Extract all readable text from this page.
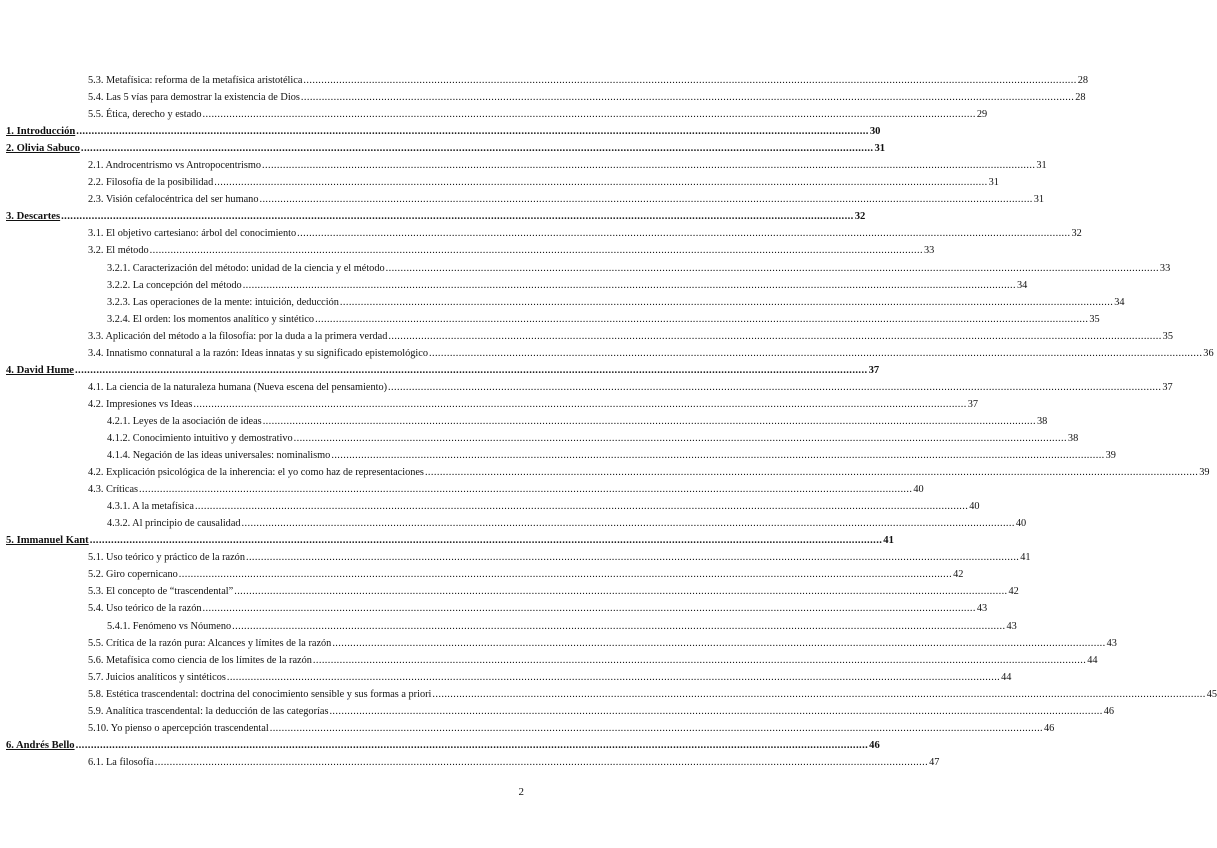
5.3. Metafísica: reforma de la metafísica aristotélica .....	28
5.4. Las 5 vías para demostrar la existencia de Dios .....	28
5.5. Ética, derecho y estado .....	29
1. Introducción .....	30
2. Olivia Sabuco .....	31
2.1. Androcentrismo vs Antropocentrismo .....	31
2.2. Filosofía de la posibilidad .....	31
2.3. Visión cefalocéntrica del ser humano .....	31
3. Descartes .....	32
3.1. El objetivo cartesiano: árbol del conocimiento .....	32
3.2. El método .....	33
3.2.1. Caracterización del método: unidad de la ciencia y el método .....	33
3.2.2. La concepción del método .....	34
3.2.3. Las operaciones de la mente: intuición, deducción .....	34
3.2.4. El orden: los momentos analítico y sintético .....	35
3.3. Aplicación del método a la filosofía: por la duda a la primera verdad .....	35
3.4. Innatismo connatural a la razón: Ideas innatas y su significado epistemológico .....	36
4. David Hume .....	37
4.1. La ciencia de la naturaleza humana (Nueva escena del pensamiento) .....	37
4.2. Impresiones vs Ideas .....	37
4.2.1. Leyes de la asociación de ideas .....	38
4.1.2. Conocimiento intuitivo y demostrativo .....	38
4.1.4. Negación de las ideas universales: nominalismo .....	39
4.2. Explicación psicológica de la inherencia: el yo como haz de representaciones .....	39
4.3. Críticas .....	40
4.3.1. A la metafísica .....	40
4.3.2. Al principio de causalidad .....	40
5. Immanuel Kant .....	41
5.1. Uso teórico y práctico de la razón .....	41
5.2. Giro copernicano .....	42
5.3. El concepto de “trascendental” .....	42
5.4. Uso teórico de la razón .....	43
5.4.1. Fenómeno vs Nóumeno .....	43
5.5. Crítica de la razón pura: Alcances y límites de la razón .....	43
5.6. Metafísica como ciencia de los límites de la razón .....	44
5.7. Juicios analíticos y sintéticos .....	44
5.8. Estética trascendental: doctrina del conocimiento sensible y sus formas a priori .....	45
5.9. Analítica trascendental: la deducción de las categorías .....	46
5.10. Yo pienso o apercepción trascendental .....	46
6. Andrés Bello .....	46
6.1. La filosofía .....	47
2
